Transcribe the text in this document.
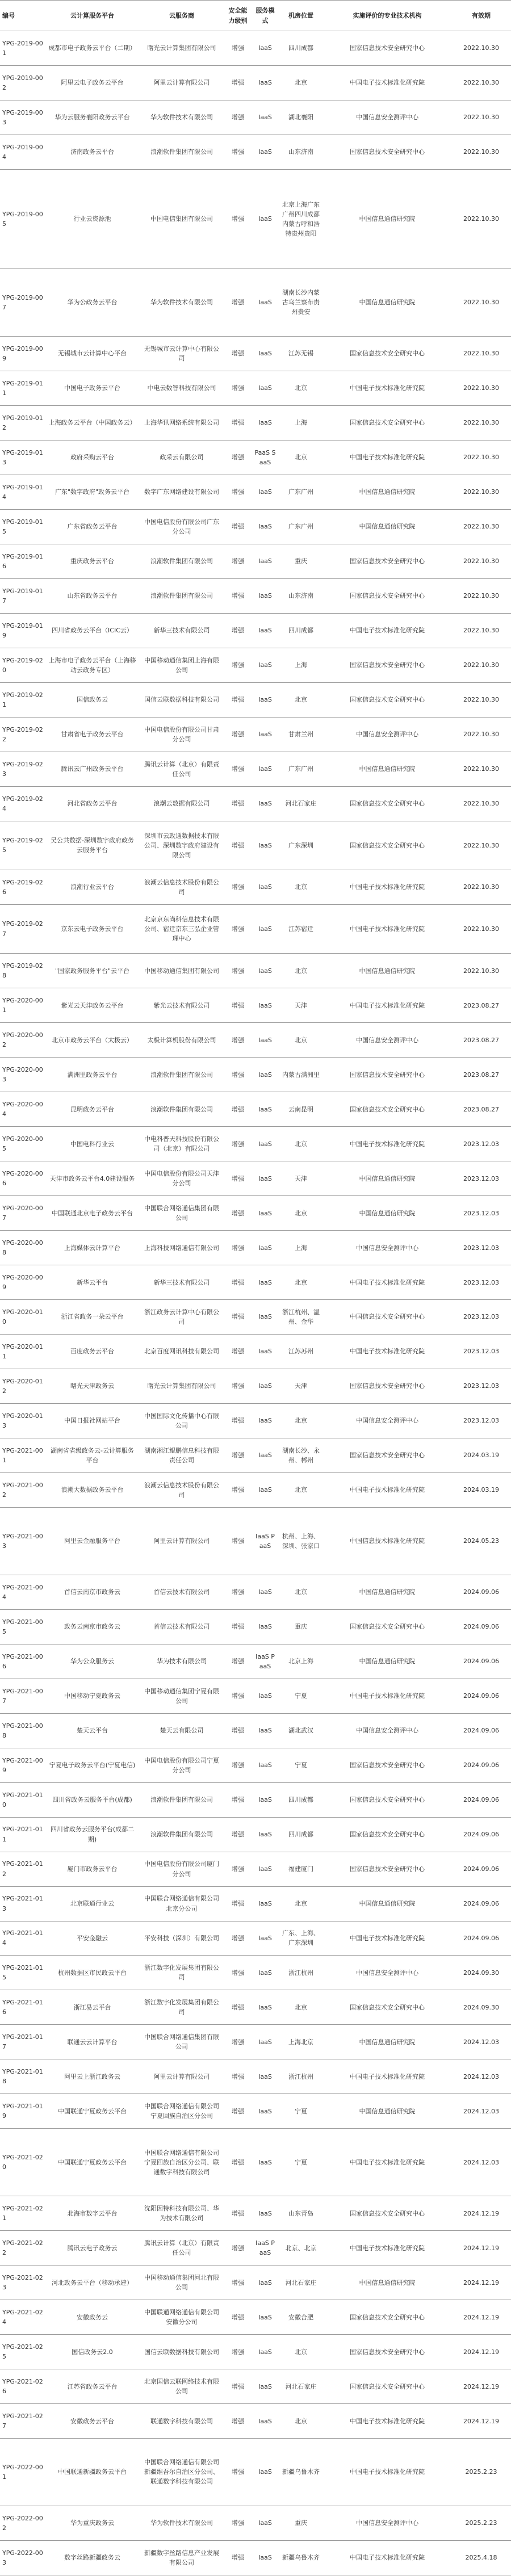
编号	云计算服务平台	云服务商	安全能力级别	服务模式	机房位置	实施评价的专业技术机构	有效期
YPG-2019-001	成都市电子政务云平台（二期）	曙光云计算集团有限公司	增强	IaaS	四川成都	国家信息技术安全研究中心	2022.10.30
YPG-2019-002	阿里云电子政务云平台	阿里云计算有限公司	增强	IaaS	北京	中国电子技术标准化研究院	2022.10.30
YPG-2019-003	华为云服务襄阳政务云平台	华为软件技术有限公司	增强	IaaS	湖北襄阳	中国信息安全测评中心	2022.10.30
YPG-2019-004	济南政务云平台	浪潮软件集团有限公司	增强	IaaS	山东济南	国家信息技术安全研究中心	2022.10.30
YPG-2019-005	行业云资源池	中国电信集团有限公司	增强	IaaS	北京上海广东广州四川成都内蒙古呼和浩特贵州贵阳	中国信息通信研究院	2022.10.30
YPG-2019-007	华为公政务云平台	华为软件技术有限公司	增强	IaaS	湖南长沙内蒙古乌兰察布贵州贵安	中国信息通信研究院	2022.10.30
YPG-2019-009	无锡城市云计算中心平台	无锡城市云计算中心有限公司	增强	IaaS	江苏无锡	国家信息技术安全研究中心	2022.10.30
YPG-2019-011	中国电子政务云平台	中电云数智科技有限公司	增强	IaaS	北京	中国电子技术标准化研究院	2022.10.30
YPG-2019-012	上海政务云平台（中国政务云）	上海华讯网络系统有限公司	增强	IaaS	上海	国家信息技术安全研究中心	2022.10.30
YPG-2019-013	政府采购云平台	政采云有限公司	增强	PaaS SaaS	北京	中国电子技术标准化研究院	2022.10.30
YPG-2019-014	广东"数字政府"政务云平台	数字广东网络建设有限公司	增强	IaaS	广东广州	中国信息通信研究院	2022.10.30
YPG-2019-015	广东省政务云平台	中国电信股份有限公司广东分公司	增强	IaaS	广东广州	中国信息通信研究院	2022.10.30
YPG-2019-016	重庆政务云平台	浪潮软件集团有限公司	增强	IaaS	重庆	国家信息技术安全研究中心	2022.10.30
YPG-2019-017	山东省政务云平台	浪潮软件集团有限公司	增强	IaaS	山东济南	国家信息技术安全研究中心	2022.10.30
YPG-2019-019	四川省政务云平台（ICIC云）	新华三技术有限公司	增强	IaaS	四川成都	中国电子技术标准化研究院	2022.10.30
YPG-2019-020	上海市电子政务云平台（上海移动云政务专区）	中国移动通信集团上海有限公司	增强	IaaS	上海	国家信息技术安全研究中心	2022.10.30
YPG-2019-021	国信政务云	国信云联数据科技有限公司	增强	IaaS	北京	国家信息技术安全研究中心	2022.10.30
YPG-2019-022	甘肃省电子政务云平台	中国电信股份有限公司甘肃分公司	增强	IaaS	甘肃兰州	中国信息安全测评中心	2022.10.30
YPG-2019-023	腾讯云广州政务云平台	腾讯云计算（北京）有限责任公司	增强	IaaS	广东广州	中国信息通信研究院	2022.10.30
YPG-2019-024	河北省政务云平台	浪潮云数据有限公司	增强	IaaS	河北石家庄	国家信息技术安全研究中心	2022.10.30
YPG-2019-025	吴公共数据-深圳数字政府政务云服务平台	深圳市云政通数据技术有限公司、深圳数字政府建设有限公司	增强	IaaS	广东深圳	国家信息技术安全研究中心	2022.10.30
YPG-2019-026	浪潮行业云平台	浪潮云信息技术股份有限公司	增强	IaaS	北京	中国电子技术标准化研究院	2022.10.30
YPG-2019-027	京东云电子政务云平台	北京京东尚科信息技术有限公司、宿迁京东三弘企业管理中心	增强	IaaS	江苏宿迁	中国电子技术标准化研究院	2022.10.30
YPG-2019-028	"国家政务服务平台"云平台	中国移动通信集团有限公司	增强	IaaS	北京	中国信息通信研究院	2022.10.30
YPG-2020-001	紫光云天津政务云平台	紫光云技术有限公司	增强	IaaS	天津	中国电子技术标准化研究院	2023.08.27
YPG-2020-002	北京市政务云平台（太极云）	太极计算机股份有限公司	增强	IaaS	北京	中国信息安全测评中心	2023.08.27
YPG-2020-003	满洲里政务云平台	浪潮软件集团有限公司	增强	IaaS	内蒙古满洲里	国家信息技术安全研究中心	2023.08.27
YPG-2020-004	昆明政务云平台	浪潮软件集团有限公司	增强	IaaS	云南昆明	国家信息技术安全研究中心	2023.08.27
YPG-2020-005	中国电科行业云	中电科普天科技股份有限公司（北京）有限公司	增强	IaaS	北京	中国电子技术标准化研究院	2023.12.03
YPG-2020-006	天津市政务云平台4.0建设服务	中国电信股份有限公司天津分公司	增强	IaaS	天津	中国信息通信研究院	2023.12.03
YPG-2020-007	中国联通北京电子政务云平台	中国联合网络通信集团有限公司	增强	IaaS	北京	中国信息通信研究院	2023.12.03
YPG-2020-008	上海媒体云计算平台	上海科技网络通信有限公司	增强	IaaS	上海	中国信息安全测评中心	2023.12.03
YPG-2020-009	新华云平台	新华三技术有限公司	增强	IaaS	北京	中国电子技术标准化研究院	2023.12.03
YPG-2020-010	浙江省政务一朵云平台	浙江政务云计算中心有限公司	增强	IaaS	浙江杭州、温州、金华	中国信息技术安全研究中心	2023.12.03
YPG-2020-011	百度政务云平台	北京百度网讯科技有限公司	增强	IaaS	江苏苏州	中国电子技术标准化研究院	2023.12.03
YPG-2020-012	曙光天津政务云	曙光云计算集团有限公司	增强	IaaS	天津	国家信息技术安全研究中心	2023.12.03
YPG-2020-013	中国日报社网站平台	中国国际文化传播中心有限公司	增强	IaaS	北京	中国信息安全测评中心	2023.12.03
YPG-2021-001	湖南省省级政务云-云计算服务平台	湖南湘江鲲鹏信息科技有限责任公司	增强	IaaS	湖南长沙、永州、郴州	国家信息技术安全研究中心	2024.03.19
YPG-2021-002	浪潮大数据政务云平台	浪潮云信息技术股份有限公司	增强	IaaS	北京	中国电子技术标准化研究院	2024.03.19
YPG-2021-003	阿里云金融服务平台	阿里云计算有限公司	增强	IaaS PaaS	杭州、上海、深圳、张家口	中国信息技术标准化研究院	2024.05.23
YPG-2021-004	首信云南京市政务云	首信云技术有限公司	增强	IaaS	北京	中国信息通信研究院	2024.09.06
YPG-2021-005	政务云南京市政务云	首信云技术有限公司	增强	IaaS	重庆	国家信息技术安全研究中心	2024.09.06
YPG-2021-006	华为公众服务云	华为技术有限公司	增强	IaaS PaaS	北京上海	中国信息通信研究院	2024.09.06
YPG-2021-007	中国移动宁夏政务云	中国移动通信集团宁夏有限公司	增强	IaaS	宁夏	中国电子技术标准化研究院	2024.09.06
YPG-2021-008	楚天云平台	楚天云有限公司	增强	IaaS	湖北武汉	中国信息安全测评中心	2024.09.06
YPG-2021-009	宁夏电子政务云平台(宁夏电信)	中国电信股份有限公司宁夏分公司	增强	IaaS	宁夏	国家信息技术安全研究中心	2024.09.06
YPG-2021-010	四川省政务云服务平台(成都)	浪潮软件集团有限公司	增强	IaaS	四川成都	国家信息技术安全研究中心	2024.09.06
YPG-2021-011	四川省政务云服务平台(成都二期)	浪潮软件集团有限公司	增强	IaaS	四川成都	国家信息技术安全研究中心	2024.09.06
YPG-2021-012	厦门市政务云平台	中国电信股份有限公司厦门分公司	增强	IaaS	福建厦门	国家信息技术安全研究中心	2024.09.06
YPG-2021-013	北京联通行业云	中国联合网络通信有限公司北京分公司	增强	IaaS	北京	中国信息通信研究院	2024.09.06
YPG-2021-014	平安金融云	平安科技（深圳）有限公司	增强	IaaS	广东、上海、广东深圳	中国电子技术标准化研究院	2024.09.06
YPG-2021-015	杭州数据区市民政云平台	浙江数字化发展集团有限公司	增强	IaaS	浙江杭州	中国信息安全测评中心	2024.09.30
YPG-2021-016	浙江易云平台	浙江数字化发展集团有限公司	增强	IaaS	北京	国家信息技术安全研究中心	2024.09.30
YPG-2021-017	联通云云计算平台	中国联合网络通信集团有限公司	增强	IaaS	上海北京	中国信息通信研究院	2024.12.03
YPG-2021-018	阿里云上浙江政务云	阿里云计算有限公司	增强	IaaS	浙江杭州	中国电子技术标准化研究院	2024.12.03
YPG-2021-019	中国联通宁夏政务云平台	中国联合网络通信有限公司宁夏回族自治区分公司	增强	IaaS	宁夏	中国信息通信研究院	2024.12.03
YPG-2021-020	中国联通宁夏政务云平台	中国联合网络通信有限公司宁夏回族自治区分公司、联通数字科技有限公司	增强	IaaS	宁夏	中国电子技术标准化研究院	2024.12.03
YPG-2021-021	北海市数字云平台	沈阳因特科技有限公司、华为技术有限公司	增强	IaaS	山东青岛	国家信息技术安全研究中心	2024.12.19
YPG-2021-022	腾讯云电子政务云	腾讯云计算（北京）有限责任公司	增强	IaaS PaaS	北京、北京	中国电子技术标准化研究院	2024.12.19
YPG-2021-023	河北政务云平台（移动承建）	中国移动通信集团河北有限公司	增强	IaaS	河北石家庄	中国信息通信研究院	2024.12.19
YPG-2021-024	安徽政务云	中国联通网络通信有限公司安徽分公司	增强	IaaS	安徽合肥	国家信息技术安全研究中心	2024.12.19
YPG-2021-025	国信政务云2.0	国信云联数据科技有限公司	增强	IaaS	北京	国家信息技术安全研究中心	2024.12.19
YPG-2021-026	江苏省政务云平台	北京国信云联网络技术有限公司	增强	IaaS	河北石家庄	国家信息技术安全研究中心	2024.12.19
YPG-2021-027	安徽政务云平台	联通数字科技有限公司	增强	IaaS	北京	中国电子技术标准化研究院	2024.12.19
YPG-2022-001	中国联通新疆政务云平台	中国联合网络通信有限公司新疆维吾尔自治区分公司、联通数字科技有限公司	增强	IaaS	新疆乌鲁木齐	中国电子技术标准化研究院	2025.2.23
YPG-2022-002	华为重庆政务云	华为软件技术有限公司	增强	IaaS	重庆	中国信息安全测评中心	2025.2.23
YPG-2022-003	数字丝路新疆政务云	新疆数字丝路信息产业发展有限公司	增强	IaaS	新疆乌鲁木齐	中国电子技术标准化研究院	2025.4.18
